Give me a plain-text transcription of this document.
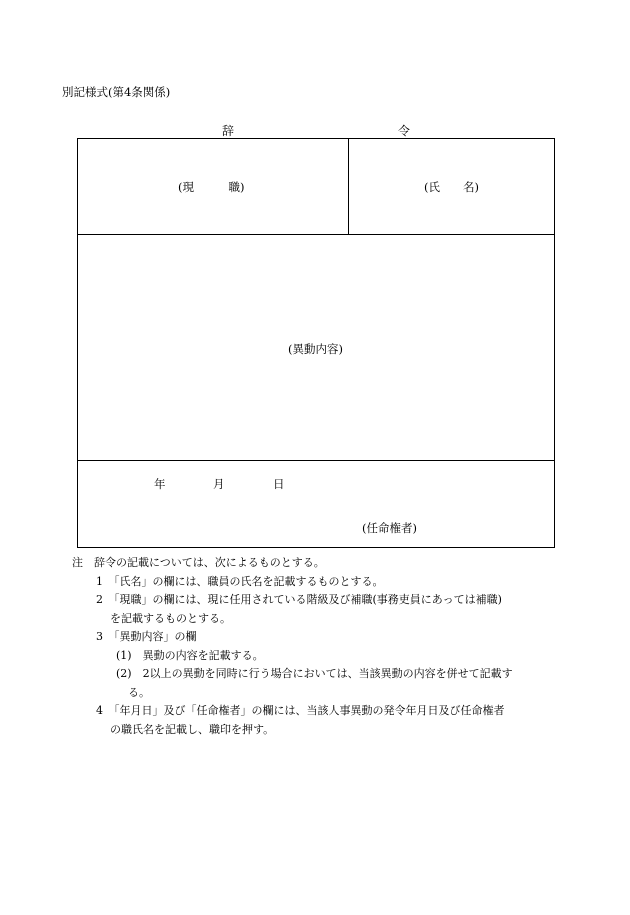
別記様式(第4条関係)
辞	令
(現　　　職)	(氏　　名)
(異動内容)
年	月	日
(任命権者)
注　辞令の記載については、次によるものとする。
1　「氏名」の欄には、職員の氏名を記載するものとする。
2　「現職」の欄には、現に任用されている階級及び補職(事務吏員にあっては補職)
を記載するものとする。
3　「異動内容」の欄
(1)　異動の内容を記載する。
(2)　2以上の異動を同時に行う場合においては、当該異動の内容を併せて記載す
る。
4　「年月日」及び「任命権者」の欄には、当該人事異動の発令年月日及び任命権者
の職氏名を記載し、職印を押す。
